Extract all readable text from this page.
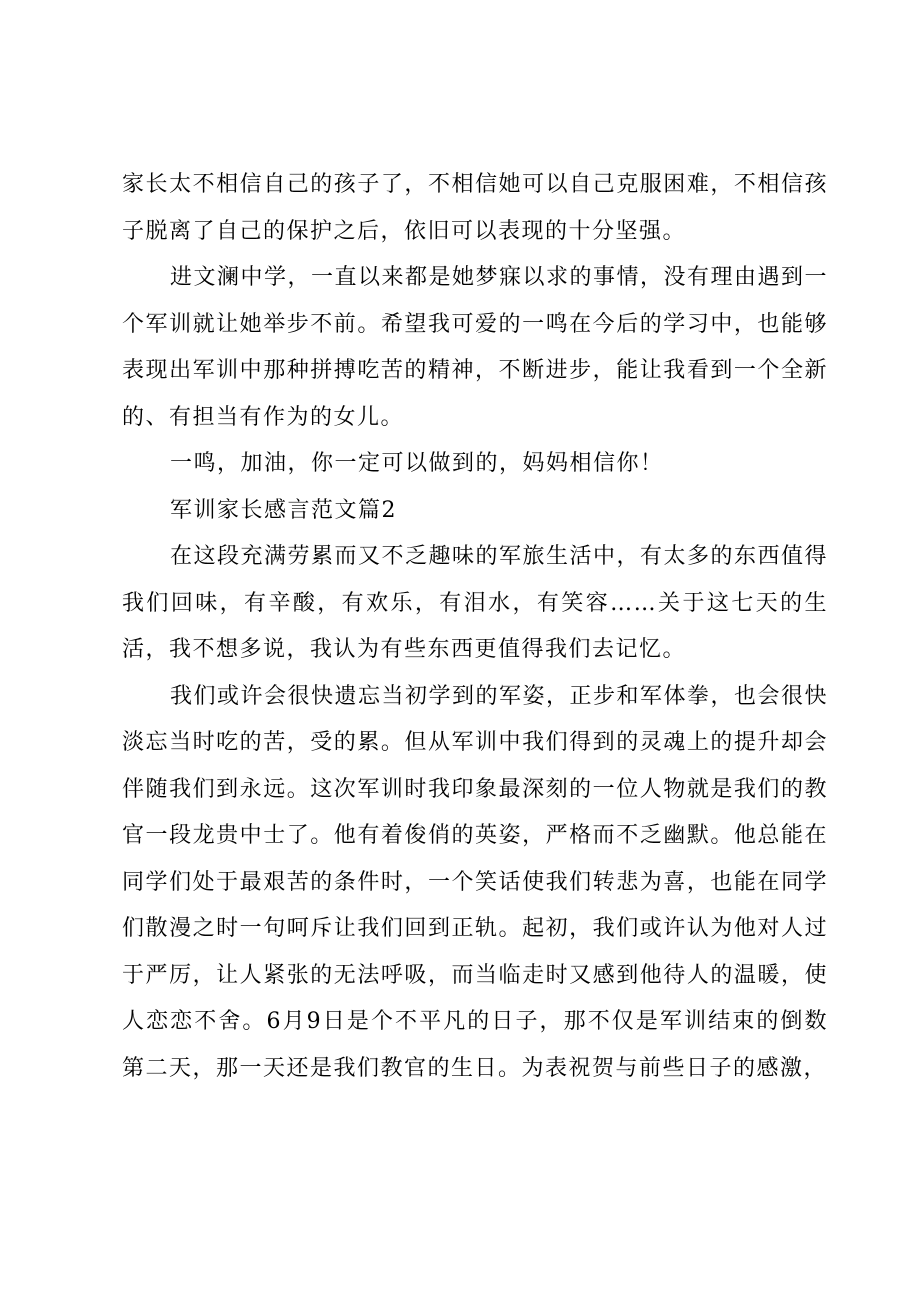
家长太不相信自己的孩子了，不相信她可以自己克服困难，不相信孩子脱离了自己的保护之后，依旧可以表现的十分坚强。

进文澜中学，一直以来都是她梦寐以求的事情，没有理由遇到一个军训就让她举步不前。希望我可爱的一鸣在今后的学习中，也能够表现出军训中那种拼搏吃苦的精神，不断进步，能让我看到一个全新的、有担当有作为的女儿。

一鸣，加油，你一定可以做到的，妈妈相信你！

军训家长感言范文篇2

在这段充满劳累而又不乏趣味的军旅生活中，有太多的东西值得我们回味，有辛酸，有欢乐，有泪水，有笑容……关于这七天的生活，我不想多说，我认为有些东西更值得我们去记忆。

我们或许会很快遗忘当初学到的军姿，正步和军体拳，也会很快淡忘当时吃的苦，受的累。但从军训中我们得到的灵魂上的提升却会伴随我们到永远。这次军训时我印象最深刻的一位人物就是我们的教官一段龙贵中士了。他有着俊俏的英姿，严格而不乏幽默。他总能在同学们处于最艰苦的条件时，一个笑话使我们转悲为喜，也能在同学们散漫之时一句呵斥让我们回到正轨。起初，我们或许认为他对人过于严厉，让人紧张的无法呼吸，而当临走时又感到他待人的温暖，使人恋恋不舍。6月9日是个不平凡的日子，那不仅是军训结束的倒数第二天，那一天还是我们教官的生日。为表祝贺与前些日子的感激，
